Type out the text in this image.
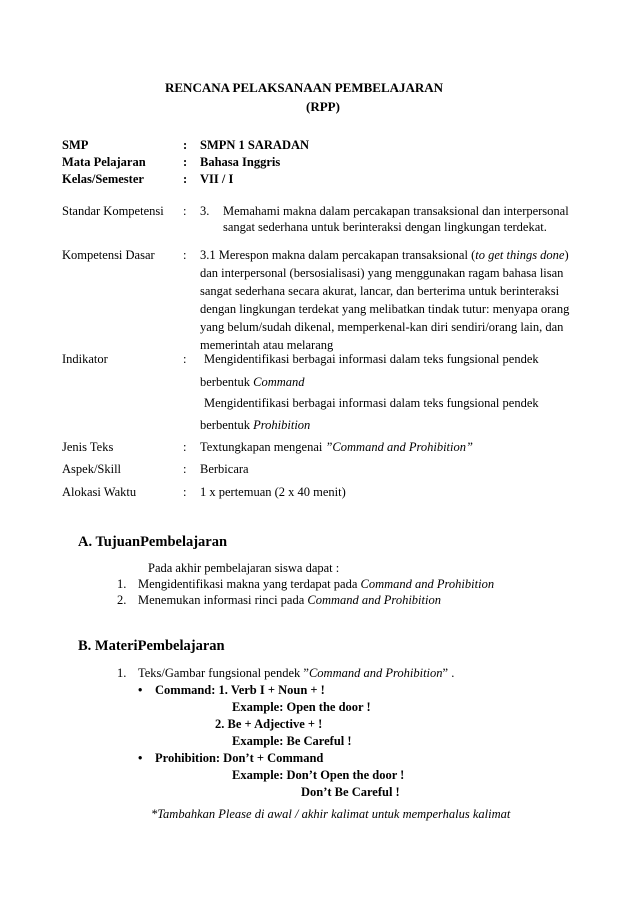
RENCANA PELAKSANAAN PEMBELAJARAN
(RPP)
SMP	: SMPN 1 SARADAN
Mata Pelajaran	: Bahasa Inggris
Kelas/Semester	: VII / I
Standar Kompetensi : 3. Memahami makna dalam percakapan transaksional dan interpersonal
sangat sederhana untuk berinteraksi dengan lingkungan terdekat.
Kompetensi Dasar : 3.1 Merespon makna dalam percakapan transaksional (to get things done)
dan interpersonal (bersosialisasi) yang menggunakan ragam bahasa lisan
sangat sederhana secara akurat, lancar, dan berterima untuk berinteraksi
dengan lingkungan terdekat yang melibatkan tindak tutur: menyapa orang
yang belum/sudah dikenal, memperkenal-kan diri sendiri/orang lain, dan
memerintah atau melarang
Indikator	: Mengidentifikasi berbagai informasi dalam teks fungsional pendek
berbentuk Command
Mengidentifikasi berbagai informasi dalam teks fungsional pendek
berbentuk Prohibition
Jenis Teks	: Textungkapan mengenai ”Command and Prohibition”
Aspek/Skill	: Berbicara
Alokasi Waktu	: 1 x pertemuan (2 x 40 menit)
A. TujuanPembelajaran
Pada akhir pembelajaran siswa dapat :
1. Mengidentifikasi makna yang terdapat pada Command and Prohibition
2. Menemukan informasi rinci pada Command and Prohibition
B. MateriPembelajaran
1. Teks/Gambar fungsional pendek ”Command and Prohibition” .
• Command: 1. Verb I + Noun + !
Example: Open the door !
2. Be + Adjective + !
Example: Be Careful !
• Prohibition: Don’t + Command
Example: Don’t Open the door !
Don’t Be Careful !
*Tambahkan Please di awal / akhir kalimat untuk memperhalus kalimat
